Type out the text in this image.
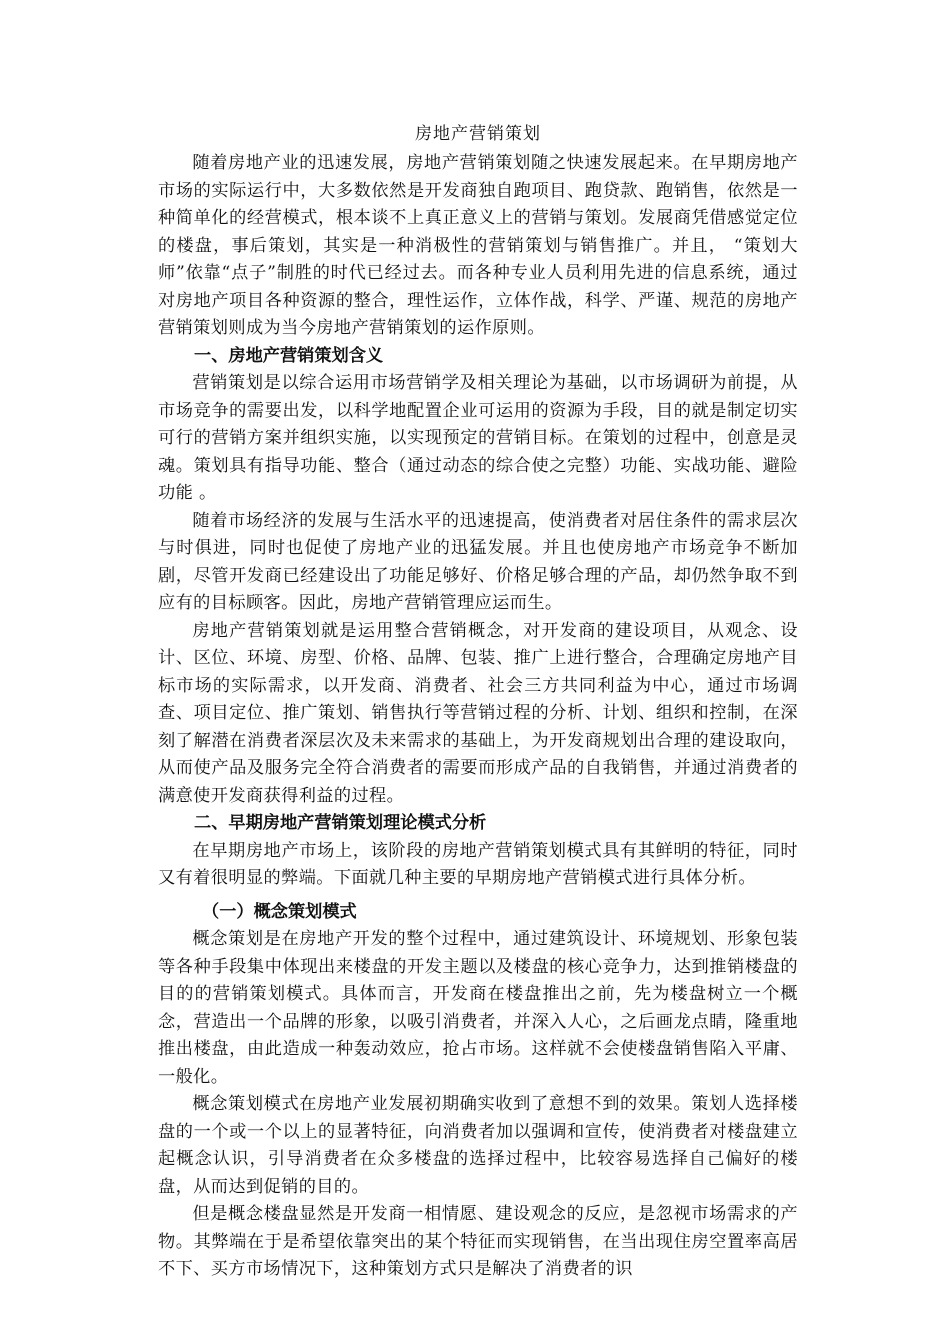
房地产营销策划

随着房地产业的迅速发展，房地产营销策划随之快速发展起来。在早期房地产市场的实际运行中，大多数依然是开发商独自跑项目、跑贷款、跑销售，依然是一种简单化的经营模式，根本谈不上真正意义上的营销与策划。发展商凭借感觉定位的楼盘，事后策划，其实是一种消极性的营销策划与销售推广。并且， “策划大师”依靠“点子”制胜的时代已经过去。而各种专业人员利用先进的信息系统，通过对房地产项目各种资源的整合，理性运作，立体作战，科学、严谨、规范的房地产营销策划则成为当今房地产营销策划的运作原则。

一、房地产营销策划含义

营销策划是以综合运用市场营销学及相关理论为基础，以市场调研为前提，从市场竞争的需要出发，以科学地配置企业可运用的资源为手段，目的就是制定切实可行的营销方案并组织实施，以实现预定的营销目标。在策划的过程中，创意是灵魂。策划具有指导功能、整合（通过动态的综合使之完整）功能、实战功能、避险功能 。

随着市场经济的发展与生活水平的迅速提高，使消费者对居住条件的需求层次与时俱进，同时也促使了房地产业的迅猛发展。并且也使房地产市场竞争不断加剧，尽管开发商已经建设出了功能足够好、价格足够合理的产品，却仍然争取不到应有的目标顾客。因此，房地产营销管理应运而生。

房地产营销策划就是运用整合营销概念，对开发商的建设项目，从观念、设计、区位、环境、房型、价格、品牌、包装、推广上进行整合，合理确定房地产目标市场的实际需求，以开发商、消费者、社会三方共同利益为中心，通过市场调查、项目定位、推广策划、销售执行等营销过程的分析、计划、组织和控制，在深刻了解潜在消费者深层次及未来需求的基础上，为开发商规划出合理的建设取向，从而使产品及服务完全符合消费者的需要而形成产品的自我销售，并通过消费者的满意使开发商获得利益的过程。

二、早期房地产营销策划理论模式分析

在早期房地产市场上，该阶段的房地产营销策划模式具有其鲜明的特征，同时又有着很明显的弊端。下面就几种主要的早期房地产营销模式进行具体分析。

（一）概念策划模式

概念策划是在房地产开发的整个过程中，通过建筑设计、环境规划、形象包装等各种手段集中体现出来楼盘的开发主题以及楼盘的核心竞争力，达到推销楼盘的目的的营销策划模式。具体而言，开发商在楼盘推出之前，先为楼盘树立一个概念，营造出一个品牌的形象，以吸引消费者，并深入人心，之后画龙点睛，隆重地推出楼盘，由此造成一种轰动效应，抢占市场。这样就不会使楼盘销售陷入平庸、一般化。

概念策划模式在房地产业发展初期确实收到了意想不到的效果。策划人选择楼盘的一个或一个以上的显著特征，向消费者加以强调和宣传，使消费者对楼盘建立起概念认识，引导消费者在众多楼盘的选择过程中，比较容易选择自己偏好的楼盘，从而达到促销的目的。

但是概念楼盘显然是开发商一相情愿、建设观念的反应，是忽视市场需求的产物。其弊端在于是希望依靠突出的某个特征而实现销售，在当出现住房空置率高居不下、买方市场情况下，这种策划方式只是解决了消费者的识
